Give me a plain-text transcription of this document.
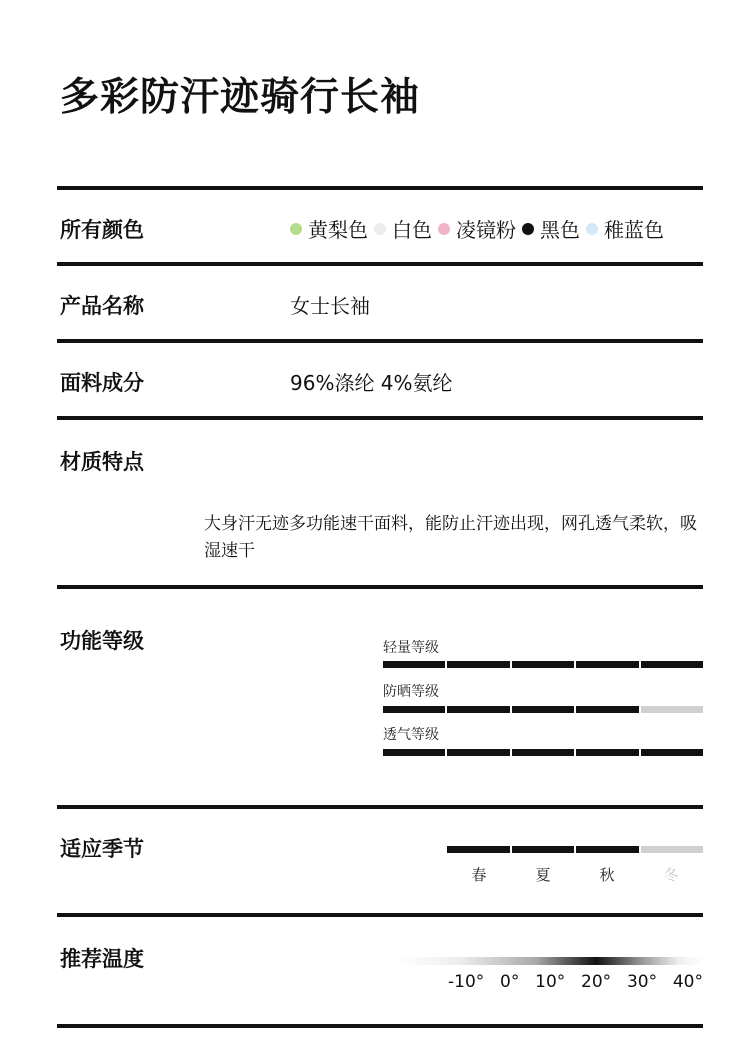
多彩防汗迹骑行长袖
所有颜色	黄梨色 白色 凌镜粉 黑色 稚蓝色
产品名称	女士长袖
面料成分	96%涤纶 4%氨纶
材质特点
大身汗无迹多功能速干面料，能防止汗迹出现，网孔透气柔软，吸湿速干
功能等级	轻量等级
防晒等级
透气等级
适应季节
春	夏	秋	冬
推荐温度
-10° 0° 10° 20° 30° 40°
